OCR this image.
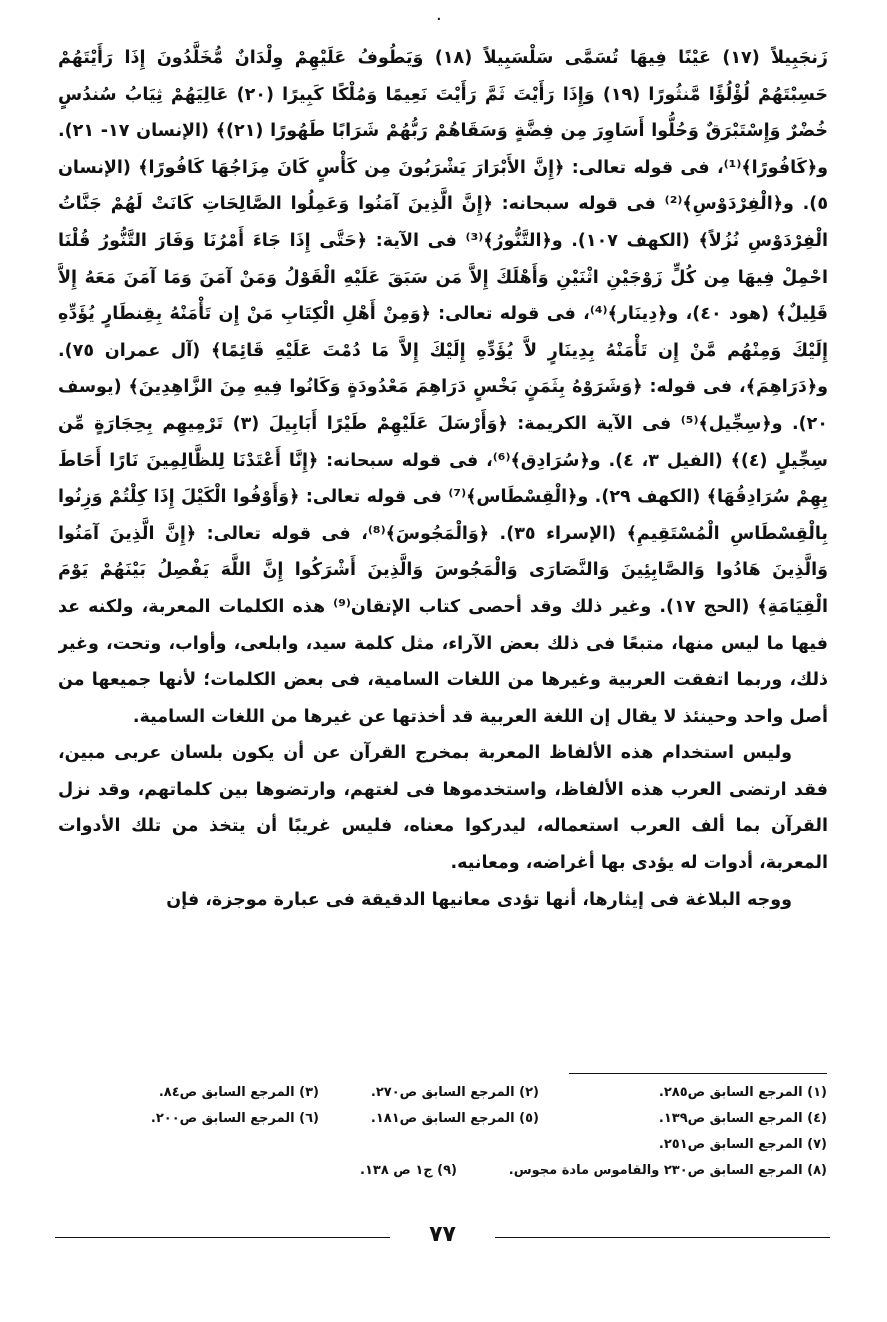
٠

زَنجَبِيلاً (١٧) عَيْنًا فِيهَا تُسَمَّى سَلْسَبِيلاً (١٨) وَيَطُوفُ عَلَيْهِمْ وِلْدَانٌ مُّخَلَّدُونَ إِذَا رَأَيْتَهُمْ حَسِبْتَهُمْ لُؤْلُؤًا مَّنثُورًا (١٩) وَإِذَا رَأَيْتَ ثَمَّ رَأَيْتَ نَعِيمًا وَمُلْكًا كَبِيرًا (٢٠) عَالِيَهُمْ ثِيَابُ سُندُسٍ خُضْرٌ وَإِسْتَبْرَقٌ وَحُلُّوا أَسَاوِرَ مِن فِضَّةٍ وَسَقَاهُمْ رَبُّهُمْ شَرَابًا طَهُورًا (٢١)﴾ (الإنسان ١٧- ٢١). و﴿كَافُورًا﴾⁽¹⁾، فى قوله تعالى: ﴿إِنَّ الأَبْرَارَ يَشْرَبُونَ مِن كَأْسٍ كَانَ مِزَاجُهَا كَافُورًا﴾ (الإنسان ٥). و﴿الْفِرْدَوْسِ﴾⁽²⁾ فى قوله سبحانه: ﴿إِنَّ الَّذِينَ آمَنُوا وَعَمِلُوا الصَّالِحَاتِ كَانَتْ لَهُمْ جَنَّاتُ الْفِرْدَوْسِ نُزُلاً﴾ (الكهف ١٠٧). و﴿التَّنُّورُ﴾⁽³⁾ فى الآية: ﴿حَتَّى إِذَا جَاءَ أَمْرُنَا وَفَارَ التَّنُّورُ قُلْنَا احْمِلْ فِيهَا مِن كُلٍّ زَوْجَيْنِ اثْنَيْنِ وَأَهْلَكَ إِلاَّ مَن سَبَقَ عَلَيْهِ الْقَوْلُ وَمَنْ آمَنَ وَمَا آمَنَ مَعَهُ إِلاَّ قَلِيلٌ﴾ (هود ٤٠)، و﴿دِينَار﴾⁽⁴⁾، فى قوله تعالى: ﴿وَمِنْ أَهْلِ الْكِتَابِ مَنْ إِن تَأْمَنْهُ بِقِنطَارٍ يُؤَدِّهِ إِلَيْكَ وَمِنْهُم مَّنْ إِن تَأْمَنْهُ بِدِينَارٍ لاَّ يُؤَدِّهِ إِلَيْكَ إِلاَّ مَا دُمْتَ عَلَيْهِ قَائِمًا﴾ (آل عمران ٧٥). و﴿دَرَاهِمَ﴾، فى قوله: ﴿وَشَرَوْهُ بِثَمَنٍ بَخْسٍ دَرَاهِمَ مَعْدُودَةٍ وَكَانُوا فِيهِ مِنَ الزَّاهِدِينَ﴾ (يوسف ٢٠). و﴿سِجِّيل﴾⁽⁵⁾ فى الآية الكريمة: ﴿وَأَرْسَلَ عَلَيْهِمْ طَيْرًا أَبَابِيلَ (٣) تَرْمِيهِم بِحِجَارَةٍ مِّن سِجِّيلٍ (٤)﴾ (الفيل ٣، ٤). و﴿سُرَادِق﴾⁽⁶⁾، فى قوله سبحانه: ﴿إِنَّا أَعْتَدْنَا لِلظَّالِمِينَ نَارًا أَحَاطَ بِهِمْ سُرَادِقُهَا﴾ (الكهف ٢٩). و﴿الْقِسْطَاس﴾⁽⁷⁾ فى قوله تعالى: ﴿وَأَوْفُوا الْكَيْلَ إِذَا كِلْتُمْ وَزِنُوا بِالْقِسْطَاسِ الْمُسْتَقِيمِ﴾ (الإسراء ٣٥). ﴿وَالْمَجُوسَ﴾⁽⁸⁾، فى قوله تعالى: ﴿إِنَّ الَّذِينَ آمَنُوا وَالَّذِينَ هَادُوا وَالصَّابِئِينَ وَالنَّصَارَى وَالْمَجُوسَ وَالَّذِينَ أَشْرَكُوا إِنَّ اللَّهَ يَفْصِلُ بَيْنَهُمْ يَوْمَ الْقِيَامَةِ﴾ (الحج ١٧). وغير ذلك وقد أحصى كتاب الإتقان⁽⁹⁾ هذه الكلمات المعربة، ولكنه عد فيها ما ليس منها، متبعًا فى ذلك بعض الآراء، مثل كلمة سيد، وابلعى، وأواب، وتحت، وغير ذلك، وربما اتفقت العربية وغيرها من اللغات السامية، فى بعض الكلمات؛ لأنها جميعها من أصل واحد وحينئذ لا يقال إن اللغة العربية قد أخذتها عن غيرها من اللغات السامية.

وليس استخدام هذه الألفاظ المعربة بمخرج القرآن عن أن يكون بلسان عربى مبين، فقد ارتضى العرب هذه الألفاظ، واستخدموها فى لغتهم، وارتضوها بين كلماتهم، وقد نزل القرآن بما ألف العرب استعماله، ليدركوا معناه، فليس غريبًا أن يتخذ من تلك الأدوات المعربة، أدوات له يؤدى بها أغراضه، ومعانيه.

ووجه البلاغة فى إيثارها، أنها تؤدى معانيها الدقيقة فى عبارة موجزة، فإن

(١) المرجع السابق ص٢٨٥.
(٢) المرجع السابق ص٢٧٠.
(٣) المرجع السابق ص٨٤.
(٤) المرجع السابق ص١٣٩.
(٥) المرجع السابق ص١٨١.
(٦) المرجع السابق ص٢٠٠.
(٧) المرجع السابق ص٢٥١.
(٨) المرجع السابق ص٢٣٠ والقاموس مادة مجوس.
(٩) ج١ ص ١٣٨.
٧٧
